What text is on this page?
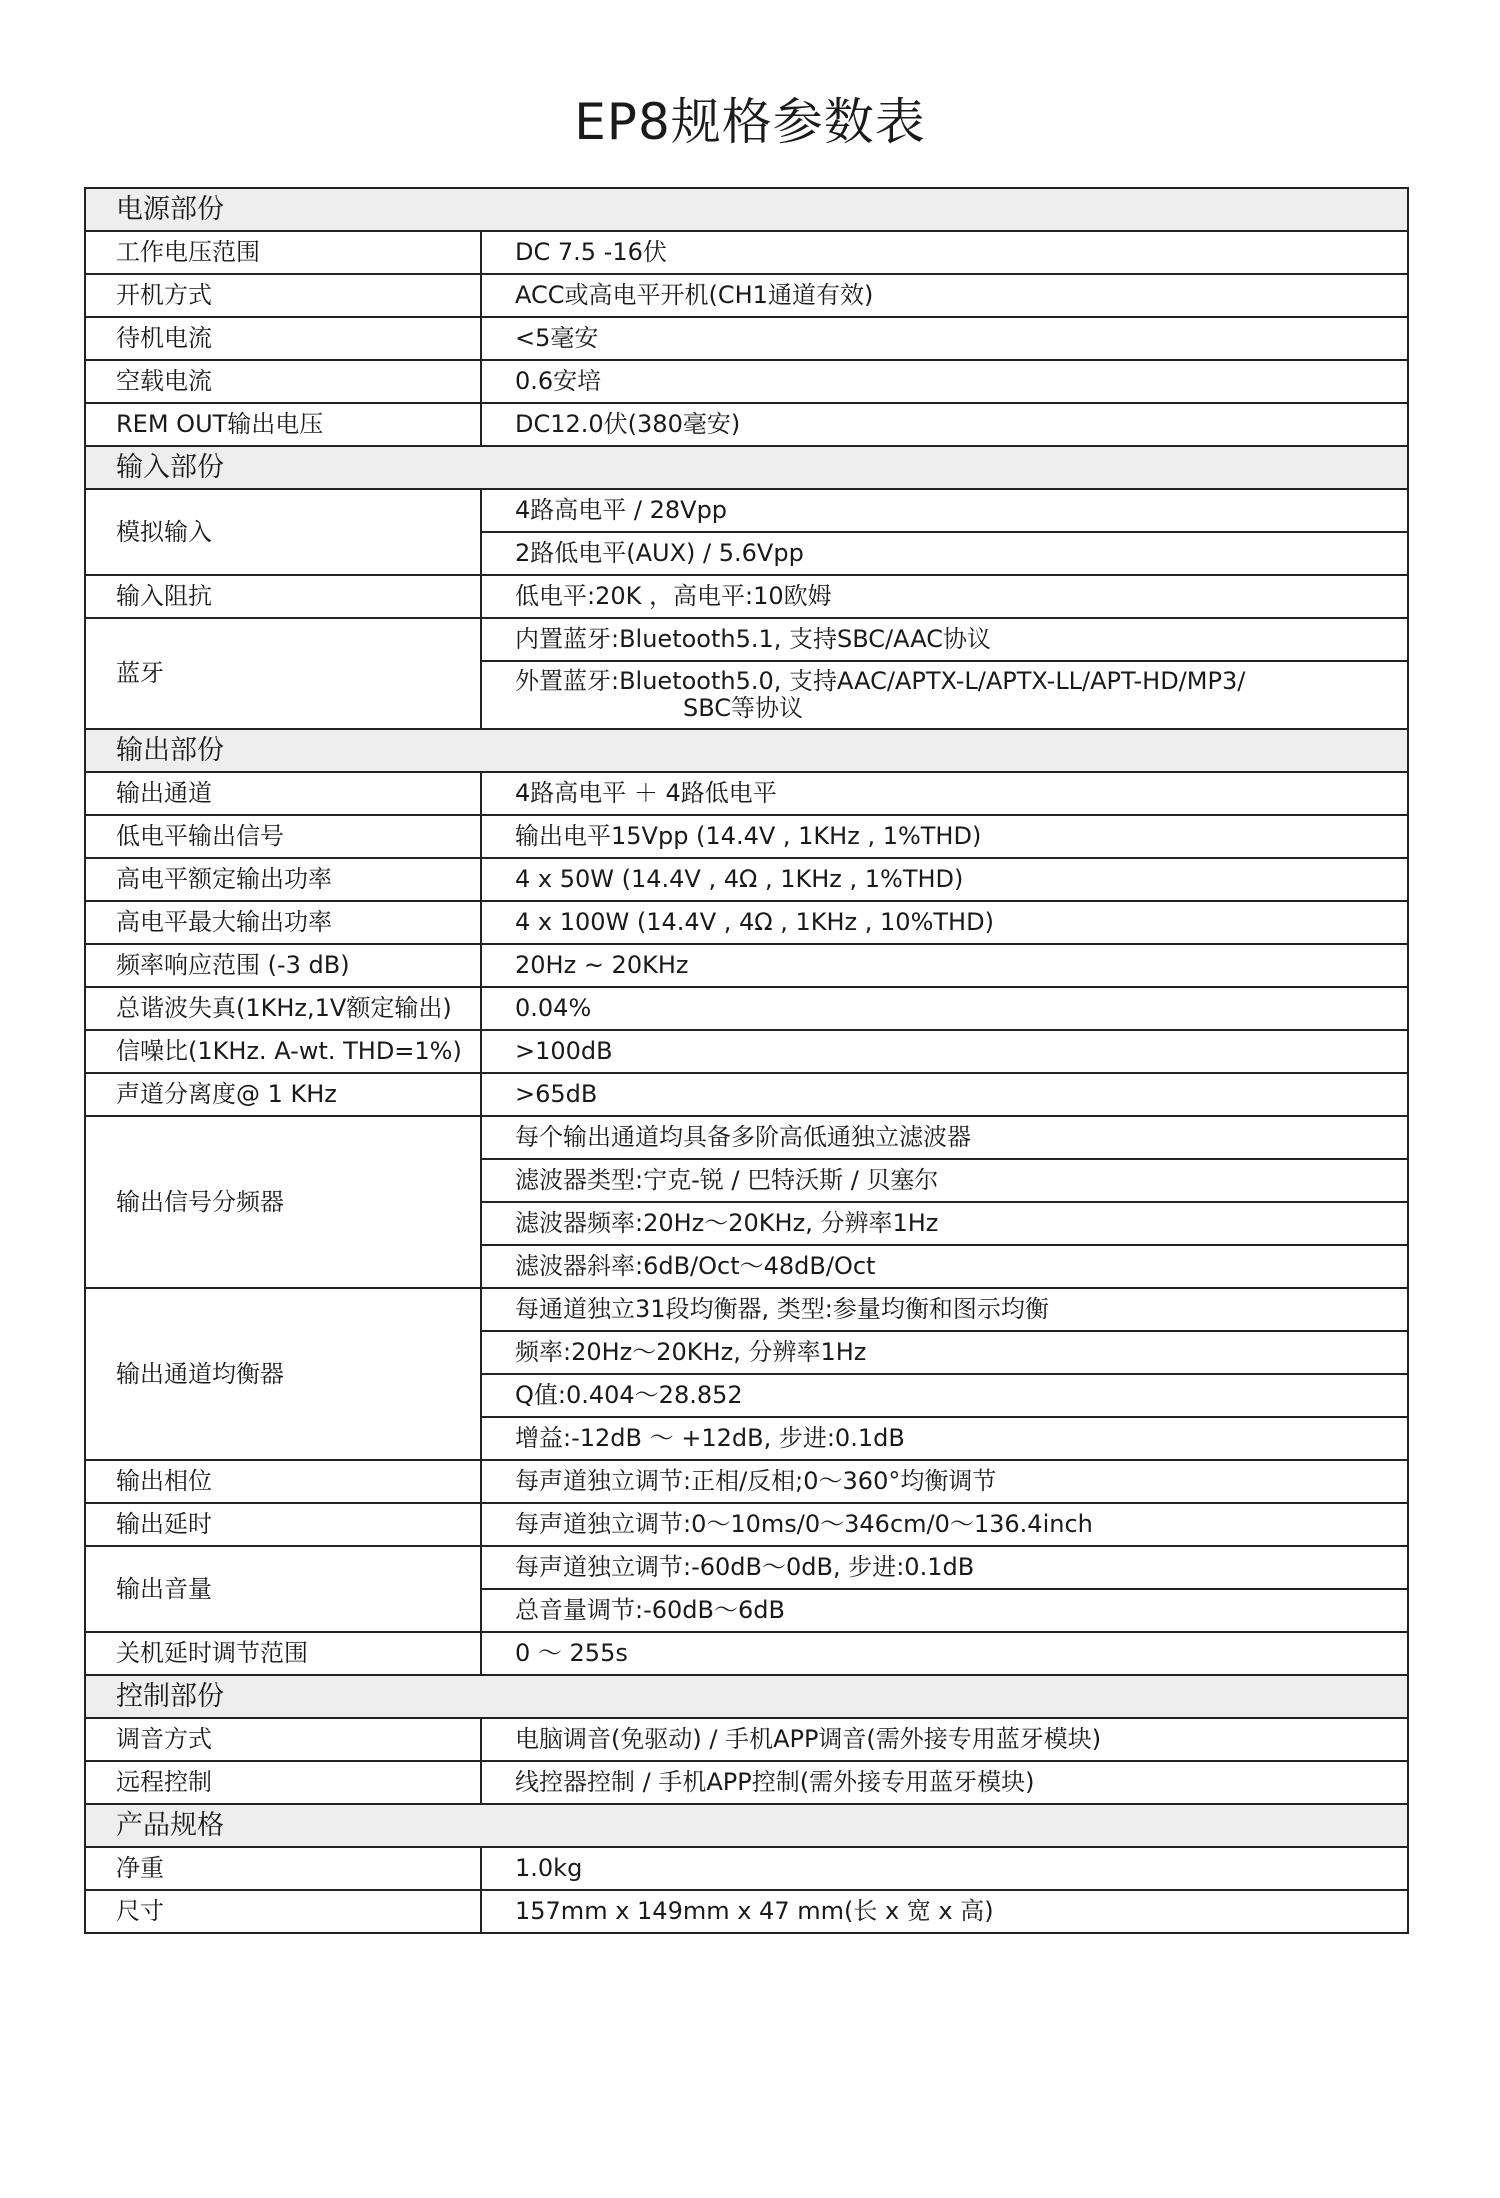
EP8规格参数表
电源部份	
工作电压范围	DC 7.5 -16伏
开机方式	ACC或高电平开机(CH1通道有效)
待机电流	<5毫安
空载电流	0.6安培
REM OUT输出电压	DC12.0伏(380毫安)
输入部份	
模拟输入	4路高电平 / 28Vpp
	2路低电平(AUX) / 5.6Vpp
输入阻抗	低电平:20K ，高电平:10欧姆
蓝牙	内置蓝牙:Bluetooth5.1, 支持SBC/AAC协议

	外置蓝牙:Bluetooth5.0, 支持AAC/APTX-L/APTX-LL/APT-HD/MP3/
SBC等协议

输出部份	
输出通道	4路高电平 ＋ 4路低电平
低电平输出信号	输出电平15Vpp (14.4V , 1KHz , 1%THD)
高电平额定输出功率	4 x 50W (14.4V , 4Ω , 1KHz , 1%THD)
高电平最大输出功率	4 x 100W (14.4V , 4Ω , 1KHz , 10%THD)
频率响应范围 (-3 dB)	20Hz ~ 20KHz
总谐波失真(1KHz,1V额定输出)	0.04%
信噪比(1KHz. A-wt. THD=1%)	>100dB
声道分离度@ 1 KHz	>65dB
输出信号分频器	每个输出通道均具备多阶高低通独立滤波器
	滤波器类型:宁克-锐 / 巴特沃斯 / 贝塞尔
	滤波器频率:20Hz〜20KHz, 分辨率1Hz
	滤波器斜率:6dB/Oct〜48dB/Oct
输出通道均衡器	每通道独立31段均衡器, 类型:参量均衡和图示均衡
	频率:20Hz〜20KHz, 分辨率1Hz
	Q值:0.404〜28.852
	增益:-12dB 〜 +12dB, 步进:0.1dB
输出相位	每声道独立调节:正相/反相;0〜360°均衡调节
输出延时	每声道独立调节:0〜10ms/0〜346cm/0〜136.4inch
输出音量	每声道独立调节:-60dB〜0dB, 步进:0.1dB
	总音量调节:-60dB〜6dB
关机延时调节范围	0 〜 255s
控制部份	
调音方式	电脑调音(免驱动) / 手机APP调音(需外接专用蓝牙模块)
远程控制	线控器控制 / 手机APP控制(需外接专用蓝牙模块)
产品规格	
净重	1.0kg
尺寸	157mm x 149mm x 47 mm(长 x 宽 x 高)
